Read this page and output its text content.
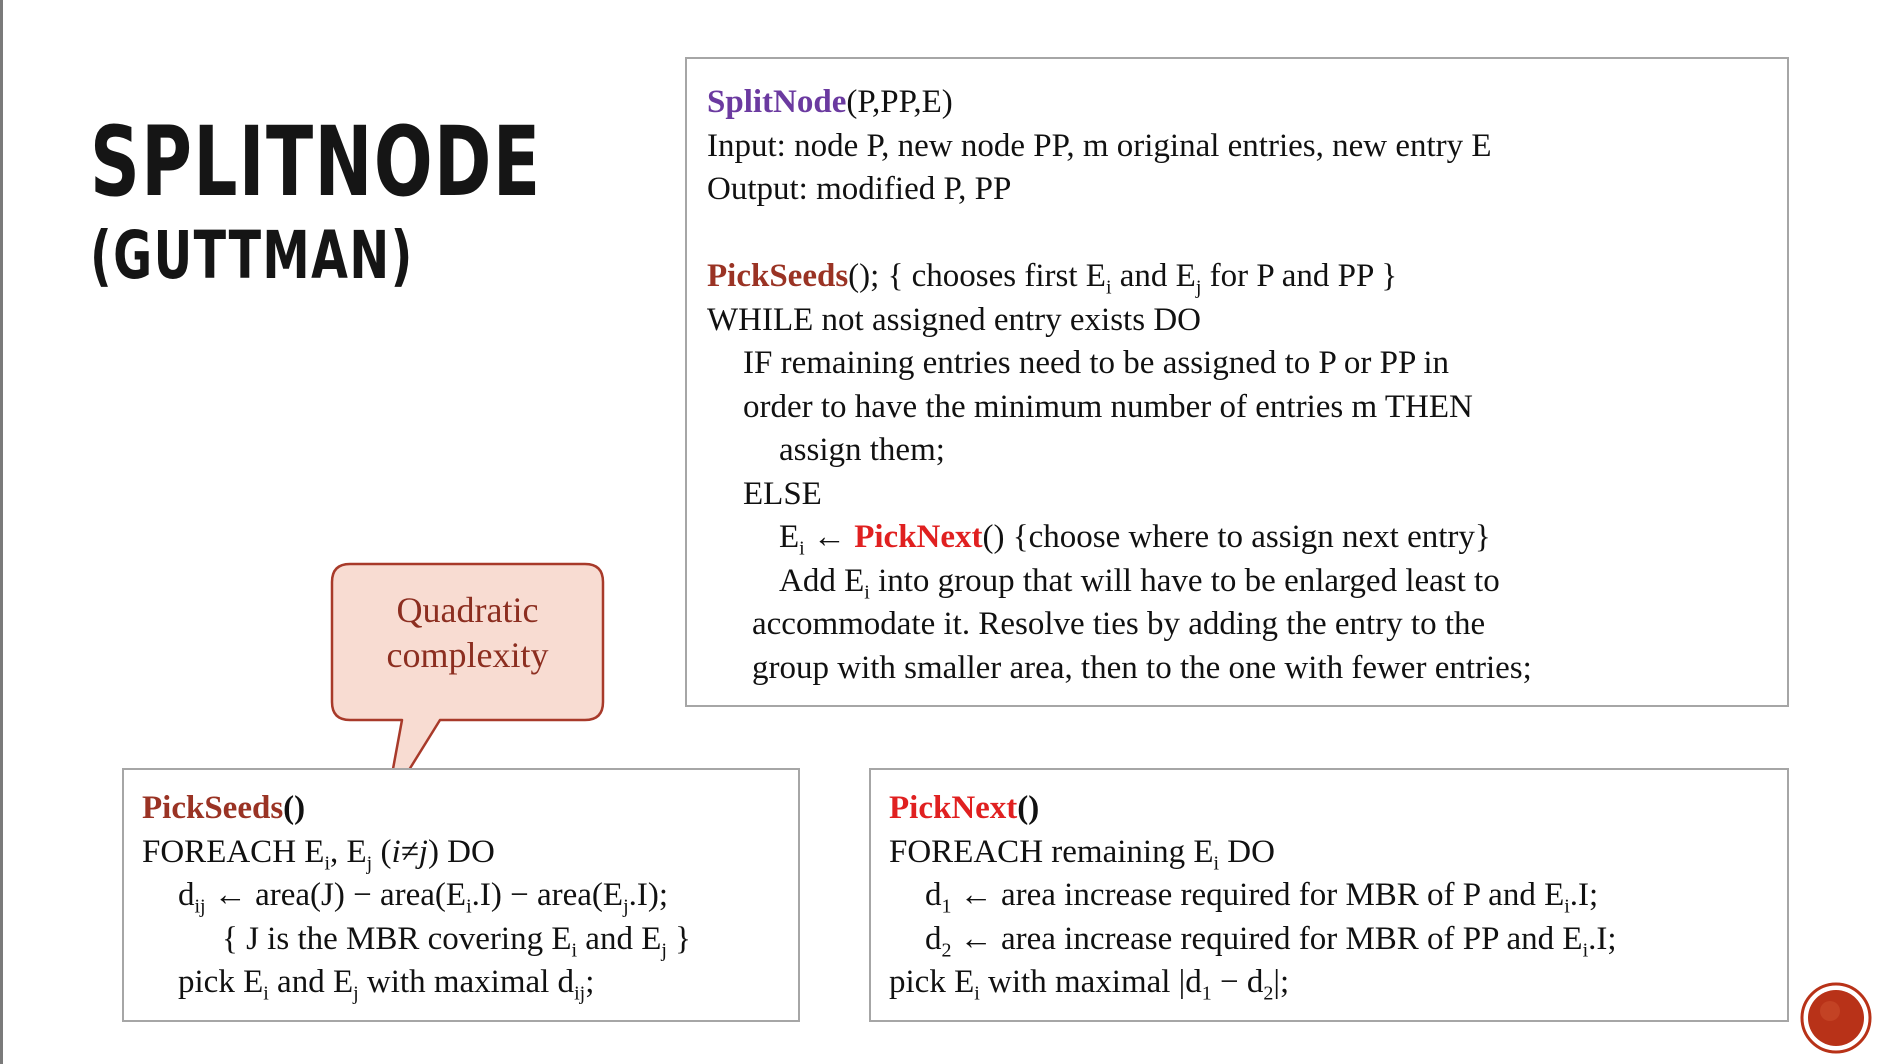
SPLITNODE
(GUTTMAN)
SplitNode(P,PP,E)
Input: node P, new node PP, m original entries, new entry E
Output: modified P, PP
PickSeeds(); { chooses first $E_i$ and $E_j$ for P and PP }
WHILE not assigned entry exists DO
IF remaining entries need to be assigned to P or PP in
order to have the minimum number of entries m THEN
assign them;
ELSE
$E_i$ ← PickNext() {choose where to assign next entry}
Add $E_i$ into group that will have to be enlarged least to
accommodate it. Resolve ties by adding the entry to the
group with smaller area, then to the one with fewer entries;
Quadratic
complexity
PickSeeds()
FOREACH $E_i$, $E_j$ (i≠j) DO
$d_{ij}$ ← area(J) − $area(E_i.I)$ − $area(E_j.I)$;
{ J is the MBR covering $E_i$ and $E_j$ }
pick $E_i$ and $E_j$ with maximal $d_{ij}$;
PickNext()
FOREACH remaining $E_i$ DO
$d_1$ ← area increase required for MBR of P and $E_i.I$;
$d_2$ ← area increase required for MBR of PP and $E_i.I$;
pick $E_i$ with maximal $|d_1 - d_2|$;
